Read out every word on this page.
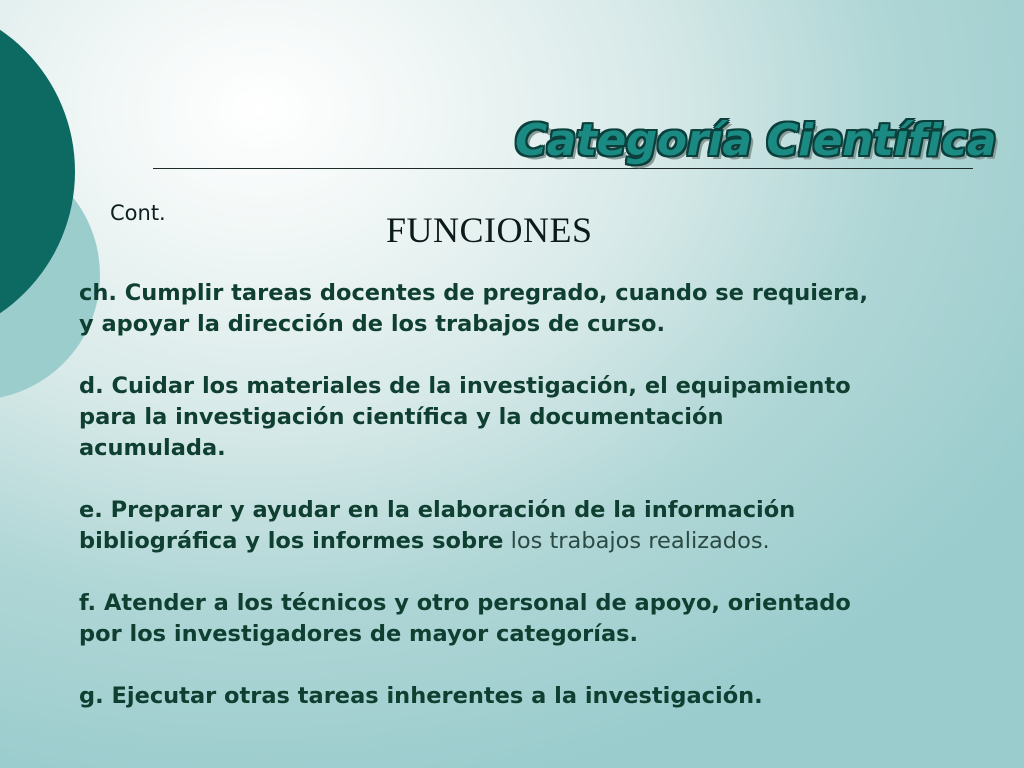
Categoría Científica
Cont.	FUNCIONES

ch. Cumplir tareas docentes de pregrado, cuando se requiera,
y apoyar la dirección de los trabajos de curso.

d. Cuidar los materiales de la investigación, el equipamiento
para la investigación científica y la documentación
acumulada.

e. Preparar y ayudar en la elaboración de la información
bibliográfica y los informes sobre los trabajos realizados.

f. Atender a los técnicos y otro personal de apoyo, orientado
por los investigadores de mayor categorías.

g. Ejecutar otras tareas inherentes a la investigación.
